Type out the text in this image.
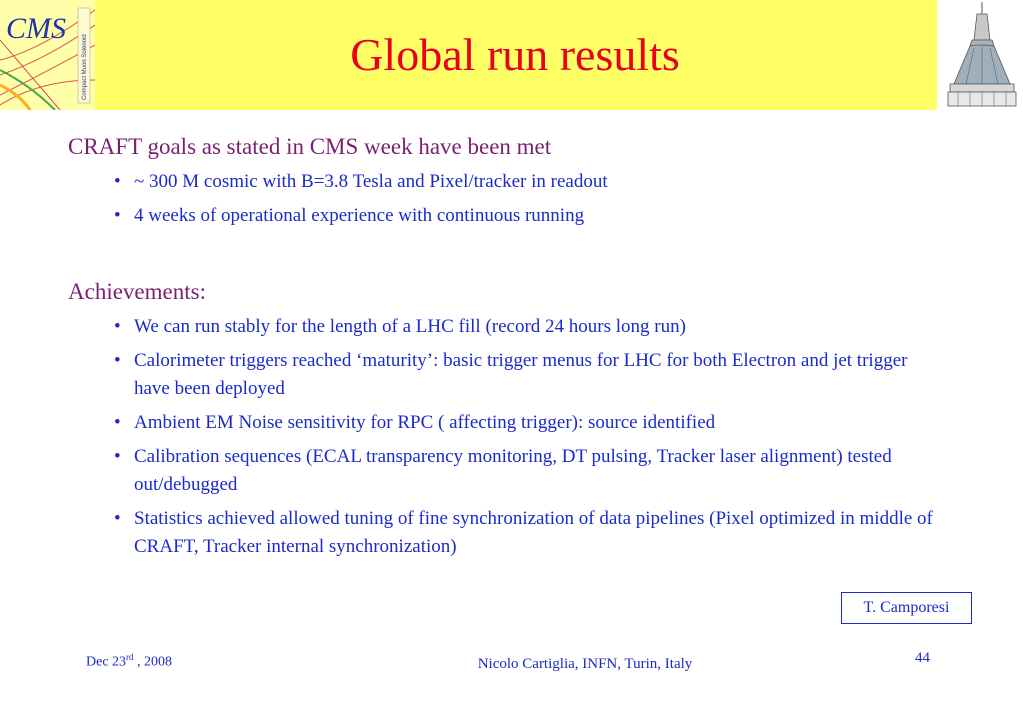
Compact Muon Solenoid
CMS
Global run results

CRAFT goals as stated in CMS week have been met

• ~ 300 M cosmic with B=3.8 Tesla and Pixel/tracker in readout
• 4 weeks of operational experience with continuous running

Achievements:

• We can run stably for the length of a LHC fill (record 24 hours long run)
• Calorimeter triggers reached ‘maturity’: basic trigger menus for LHC for both Electron and jet trigger have been deployed
• Ambient EM Noise sensitivity for RPC ( affecting trigger): source identified
• Calibration sequences (ECAL transparency monitoring, DT pulsing, Tracker laser alignment) tested out/debugged
• Statistics achieved allowed tuning of fine synchronization of data pipelines (Pixel optimized in middle of CRAFT, Tracker internal synchronization)
T. Camporesi
Dec 23rd , 2008	Nicolo Cartiglia, INFN, Turin, Italy	44
